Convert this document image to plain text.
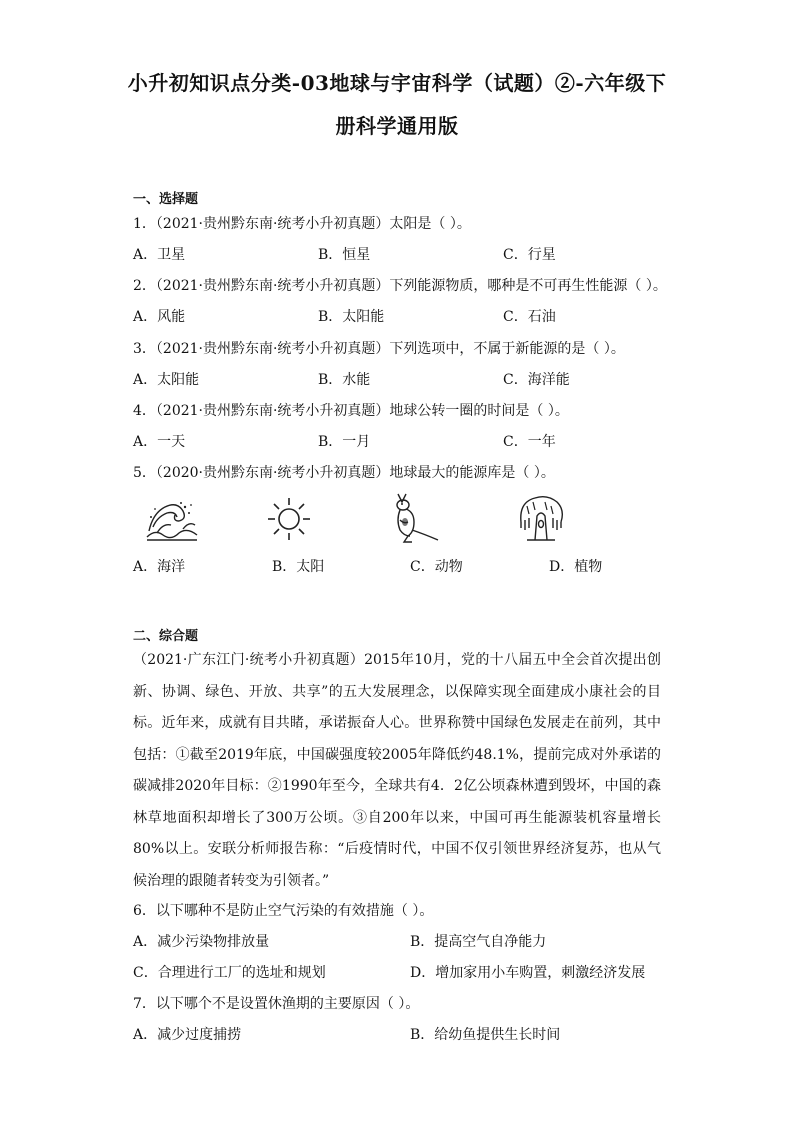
小升初知识点分类-03地球与宇宙科学（试题）②-六年级下
册科学通用版
一、选择题
1．（2021·贵州黔东南·统考小升初真题）太阳是（ ）。
A．卫星	B．恒星	C．行星
2．（2021·贵州黔东南·统考小升初真题）下列能源物质，哪种是不可再生性能源（ ）。
A．风能	B．太阳能	C．石油
3．（2021·贵州黔东南·统考小升初真题）下列选项中，不属于新能源的是（ ）。
A．太阳能	B．水能	C．海洋能
4．（2021·贵州黔东南·统考小升初真题）地球公转一圈的时间是（ ）。
A．一天	B．一月	C．一年
5．（2020·贵州黔东南·统考小升初真题）地球最大的能源库是（ ）。
A．海洋	B．太阳	C．动物	D．植物
二、综合题
（2021·广东江门·统考小升初真题）2015年10月，党的十八届五中全会首次提出创新、协调、绿色、开放、共享”的五大发展理念，以保障实现全面建成小康社会的目标。近年来，成就有目共睹，承诺振奋人心。世界称赞中国绿色发展走在前列，其中包括：①截至2019年底，中国碳强度较2005年降低约48.1%，提前完成对外承诺的碳减排2020年目标：②1990年至今，全球共有4．2亿公顷森林遭到毁坏，中国的森林草地面积却增长了300万公顷。③自200年以来，中国可再生能源装机容量增长80%以上。安联分析师报告称：“后疫情时代，中国不仅引领世界经济复苏，也从气候治理的跟随者转变为引领者。”
6．以下哪种不是防止空气污染的有效措施（ ）。
A．减少污染物排放量	B．提高空气自净能力
C．合理进行工厂的选址和规划	D．增加家用小车购置，刺激经济发展
7．以下哪个不是设置休渔期的主要原因（ ）。
A．减少过度捕捞	B．给幼鱼提供生长时间
